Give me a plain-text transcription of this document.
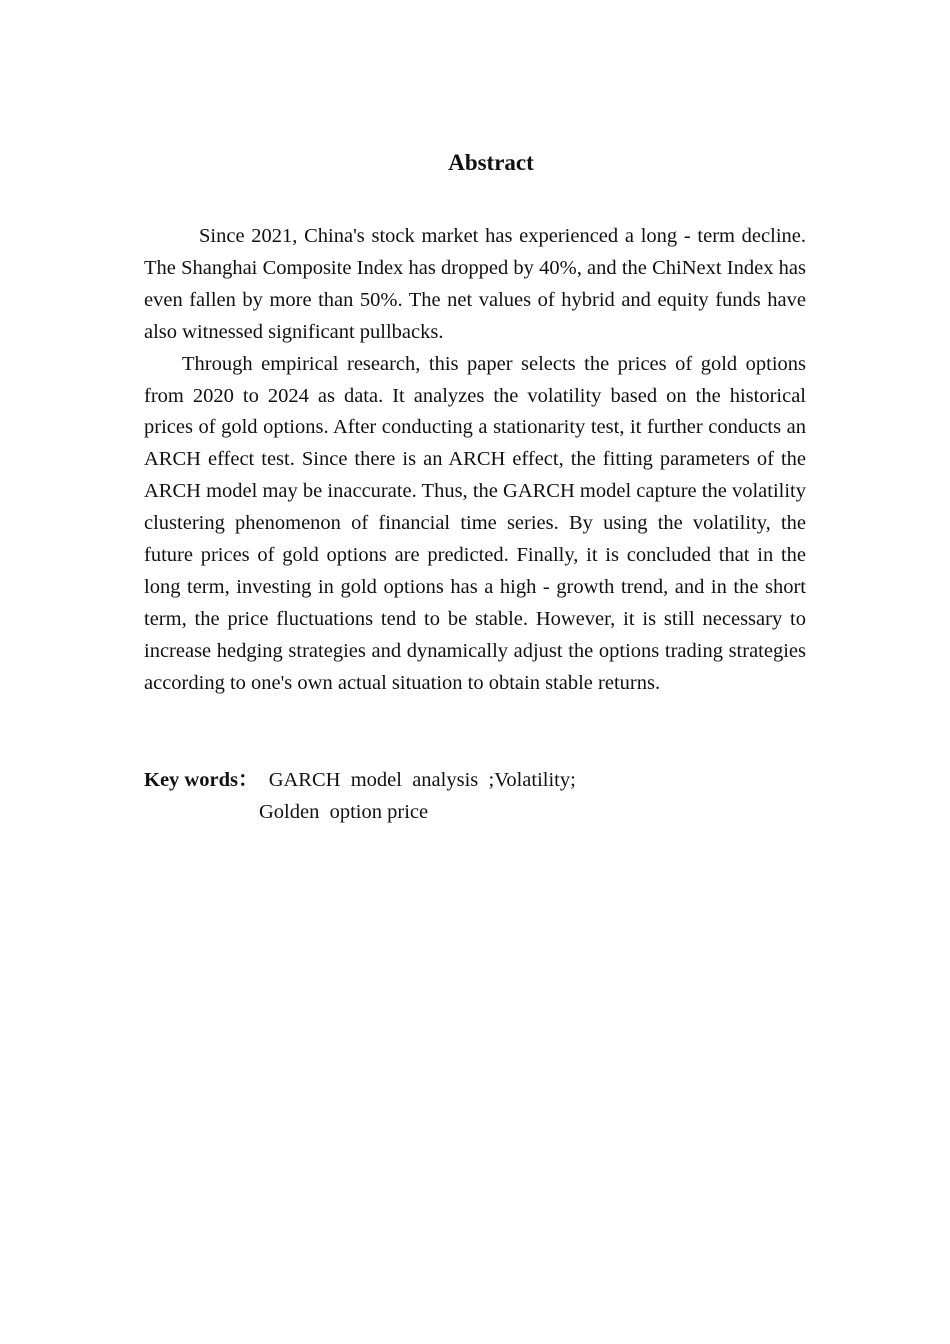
Abstract

Since 2021, China's stock market has experienced a long - term decline. The Shanghai Composite Index has dropped by 40%, and the ChiNext Index has even fallen by more than 50%. The net values of hybrid and equity funds have also witnessed significant pullbacks.

Through empirical research, this paper selects the prices of gold options from 2020 to 2024 as data. It analyzes the volatility based on the historical prices of gold options. After conducting a stationarity test, it further conducts an ARCH effect test. Since there is an ARCH effect, the fitting parameters of the ARCH model may be inaccurate. Thus, the GARCH model capture the volatility clustering phenomenon of financial time series. By using the volatility, the future prices of gold options are predicted. Finally, it is concluded that in the long term, investing in gold options has a high - growth trend, and in the short term, the price fluctuations tend to be stable. However, it is still necessary to increase hedging strategies and dynamically adjust the options trading strategies according to one's own actual situation to obtain stable returns.

Key words： GARCH  model  analysis  ;Volatility;
Golden  option price
